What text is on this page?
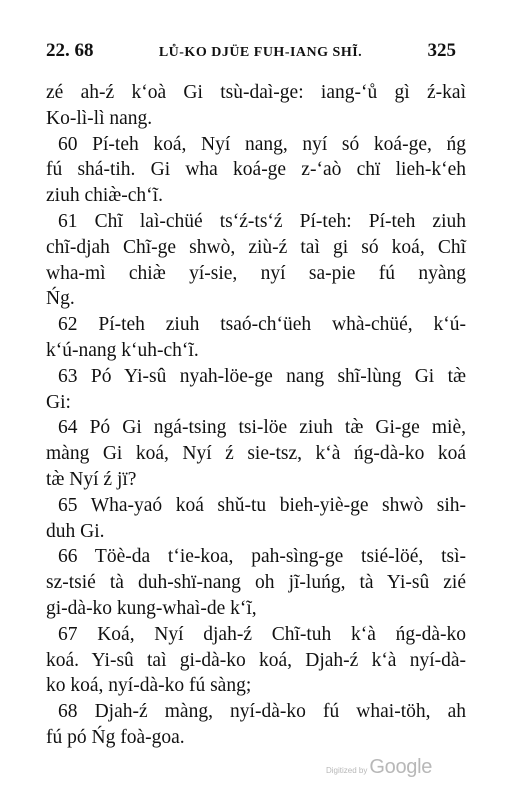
22. 68	LŮ-KO DJÜE FUH-IANG SHĨ.	325
zé ah-ź k‘oà Gi tsù-daì-ge: iang-‘ů gì ź-kaì
Ko-lì-lì nang.
60 Pí-teh koá, Nyí nang, nyí só koá-ge, ńg
fú shá-tih. Gi wha koá-ge z-‘aò chï lieh-k‘eh
ziuh chiæ̀-ch‘ĩ.
61 Chĩ laì-chüé ts‘ź-ts‘ź Pí-teh: Pí-teh ziuh
chĩ-djah Chĩ-ge shwò, ziù-ź taì gi só koá, Chĩ
wha-mì chiæ̀ yí-sie, nyí sa-pie fú nyàng
Ńg.
62 Pí-teh ziuh tsaó-ch‘üeh whà-chüé, k‘ú-
k‘ú-nang k‘uh-ch‘ĩ.
63 Pó Yi-sû nyah-löe-ge nang shĩ-lùng Gi tæ̀
Gi:
64 Pó Gi ngá-tsing tsi-löe ziuh tæ̀ Gi-ge miè,
màng Gi koá, Nyí ź sie-tsz, k‘à ńg-dà-ko koá
tæ̀ Nyí ź jï?
65 Wha-yaó koá shǔ-tu bieh-yiè-ge shwò sih-
duh Gi.
66 Töè-da t‘ie-koa, pah-sìng-ge tsié-löé, tsì-
sz-tsié tà duh-shï-nang oh jĩ-luńg, tà Yi-sû zié
gi-dà-ko kung-whaì-de k‘ĩ,
67 Koá, Nyí djah-ź Chĩ-tuh k‘à ńg-dà-ko
koá. Yi-sû taì gi-dà-ko koá, Djah-ź k‘à nyí-dà-
ko koá, nyí-dà-ko fú sàng;
68 Djah-ź màng, nyí-dà-ko fú whai-töh, ah
fú pó Ńg foà-goa.
Digitized by Google
